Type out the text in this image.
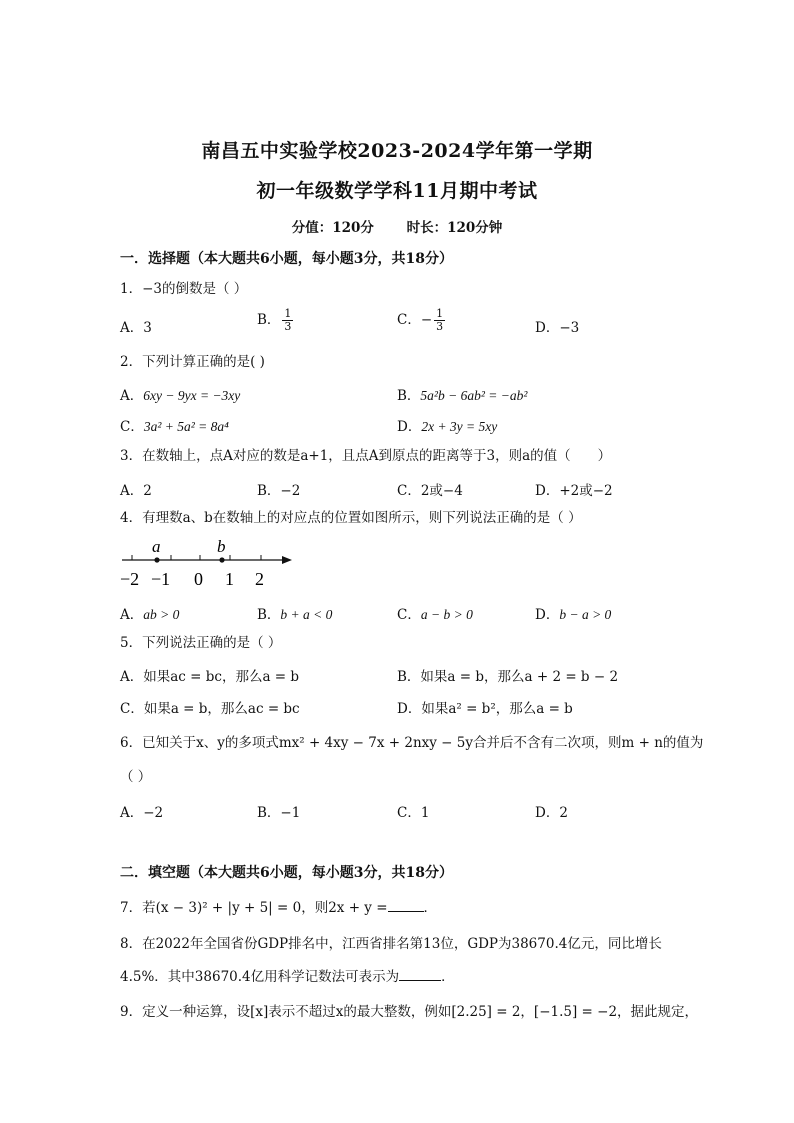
南昌五中实验学校2023-2024学年第一学期
初一年级数学学科11月期中考试
分值：120分 时长：120分钟
一．选择题（本大题共6小题，每小题3分，共18分）
1．−3的倒数是（ ）
A．3	B． $\frac{1}{3}$	C．− $\frac{1}{3}$	D．−3
2．下列计算正确的是( )
A．6xy − 9yx = −3xy	B．5a²b − 6ab² = −ab²
C．3a² + 5a² = 8a⁴	D．2x + 3y = 5xy
3．在数轴上，点A对应的数是a+1，且点A到原点的距离等于3，则a的值（　　）
A．2	B．−2	C．2或−4	D．+2或−2
4．有理数a、b在数轴上的对应点的位置如图所示，则下列说法正确的是（ ）
a	b
−2 −1 0 1 2
A．ab > 0	B．b + a < 0	C．a − b > 0	D．b − a > 0
5．下列说法正确的是（ ）
A．如果ac = bc，那么a = b	B．如果a = b，那么a + 2 = b − 2
C．如果a = b，那么ac = bc	D．如果a² = b²，那么a = b
6．已知关于x、y的多项式mx² + 4xy − 7x + 2nxy − 5y合并后不含有二次项，则m + n的值为
（ ）
A．−2	B．−1	C．1	D．2
二．填空题（本大题共6小题，每小题3分，共18分）
7．若(x − 3)² + |y + 5| = 0，则2x + y =	．
8．在2022年全国省份GDP排名中，江西省排名第13位，GDP为38670.4亿元，同比增长
4.5%．其中38670.4亿用科学记数法可表示为	．
9．定义一种运算，设[x]表示不超过x的最大整数，例如[2.25] = 2，[−1.5] = −2，据此规定，
